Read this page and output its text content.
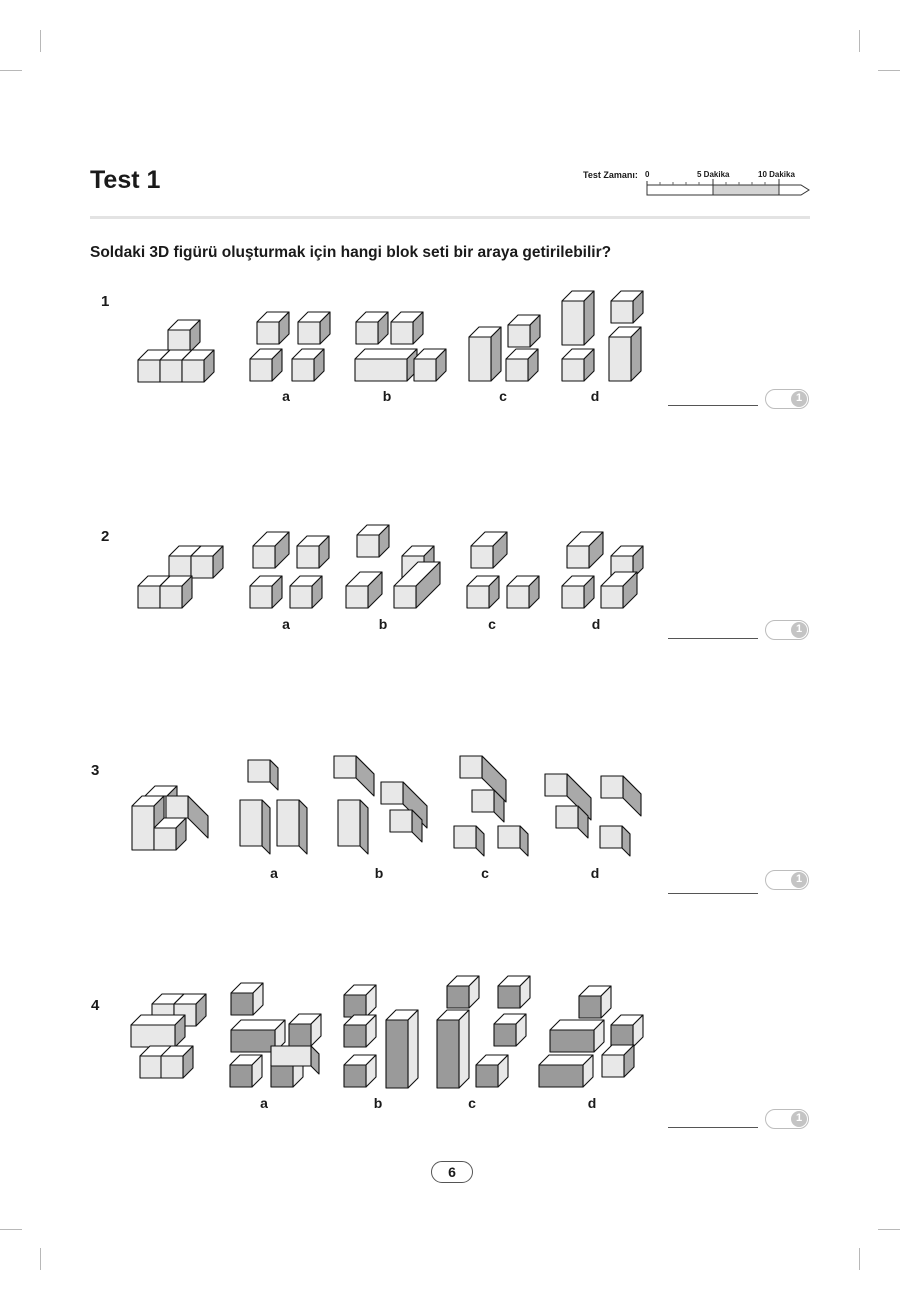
Test 1	Test Zamanı: 0	5 Dakika	10 Dakika
Soldaki 3D figürü oluşturmak için hangi blok seti bir araya getirilebilir?
1
2
3
4
a	b	c	d
a	b	c	d
a	b	c	d
a	b	c	d
1
1
1
1
6
